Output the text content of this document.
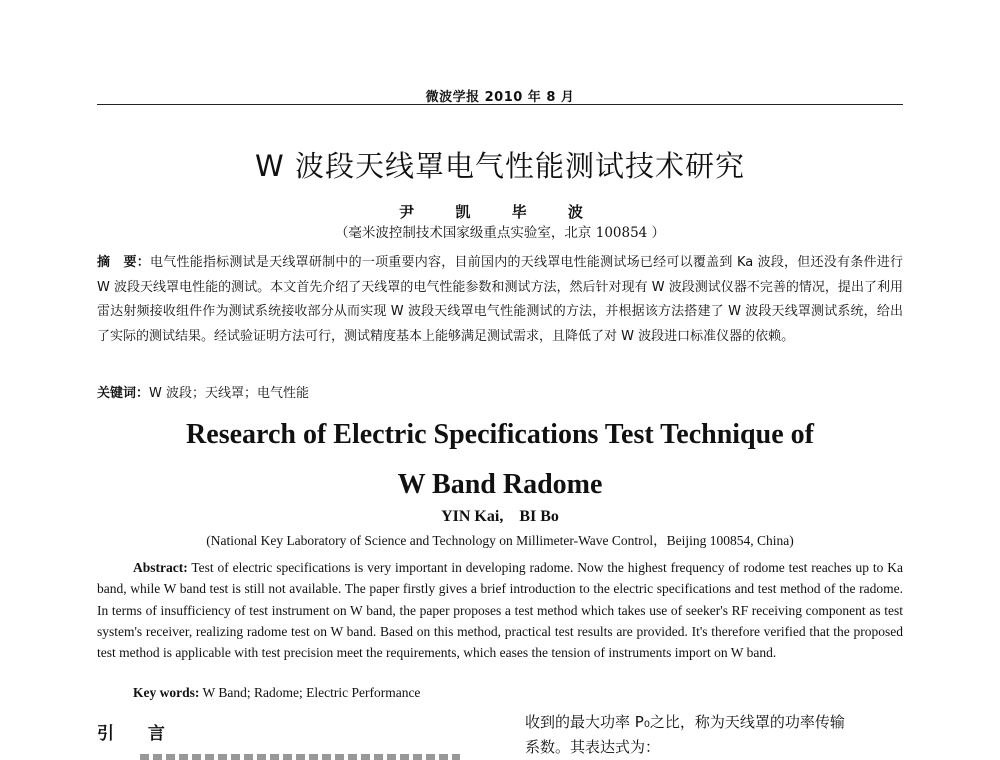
微波学报 2010 年 8 月
W 波段天线罩电气性能测试技术研究
尹 凯 毕 波
（毫米波控制技术国家级重点实验室，北京 100854 ）
摘　要：电气性能指标测试是天线罩研制中的一项重要内容，目前国内的天线罩电性能测试场已经可以覆盖到 Ka 波段，但还没有条件进行 W 波段天线罩电性能的测试。本文首先介绍了天线罩的电气性能参数和测试方法，然后针对现有 W 波段测试仪器不完善的情况，提出了利用雷达射频接收组件作为测试系统接收部分从而实现 W 波段天线罩电气性能测试的方法，并根据该方法搭建了 W 波段天线罩测试系统，给出了实际的测试结果。经试验证明方法可行，测试精度基本上能够满足测试需求，且降低了对 W 波段进口标准仪器的依赖。
关键词：W 波段；天线罩；电气性能
Research of Electric Specifications Test Technique of
W Band Radome
YIN Kai,    BI Bo
(National Key Laboratory of Science and Technology on Millimeter-Wave Control，Beijing 100854, China)
Abstract: Test of electric specifications is very important in developing radome. Now the highest frequency of rodome test reaches up to Ka band, while W band test is still not available. The paper firstly gives a brief introduction to the electric specifications and test method of the radome. In terms of insufficiency of test instrument on W band, the paper proposes a test method which takes use of seeker's RF receiving component as test system's receiver, realizing radome test on W band. Based on this method, practical test results are provided. It's therefore verified that the proposed test method is applicable with test precision meet the requirements, which eases the tension of instruments import on W band.
Key words: W Band; Radome; Electric Performance
引 言
收到的最大功率 P₀之比，称为天线罩的功率传输
系数。其表达式为：
